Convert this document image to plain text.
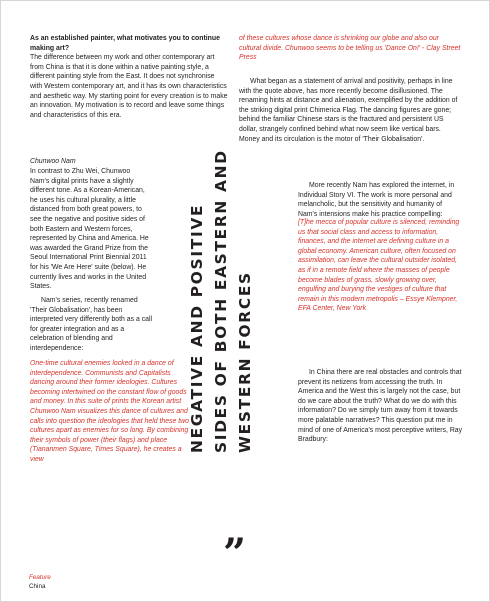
As an established painter, what motivates you to continue making art?

The difference between my work and other contemporary art from China is that it is done within a native painting style, a different painting style from the East. It does not synchronise with Western contemporary art, and it has its own characteristics and aesthetic way. My starting point for every creation is to make an innovation. My motivation is to record and leave some things and characteristics of this era.

Chunwoo Nam
In contrast to Zhu Wei, Chunwoo Nam's digital prints have a slightly different tone. As a Korean-American, he uses his cultural plurality, a little distanced from both great powers, to see the negative and positive sides of both Eastern and Western forces, represented by China and America. He was awarded the Grand Prize from the Seoul International Print Biennial 2011 for his 'We Are Here' suite (below). He currently lives and works in the United States.
Nam's series, recently renamed 'Their Globalisation', has been interpreted very differently both as a call for greater integration and as a celebration of blending and interdependence:
One-time cultural enemies locked in a dance of interdependence. Communists and Capitalists dancing around their former ideologies. Cultures becoming intertwined on the constant flow of goods and money. In this suite of prints the Korean artist Chunwoo Nam visualizes this dance of cultures and calls into question the ideologies that held these two cultures apart as enemies for so long. By combining their symbols of power (their flags) and place (Tiananmen Square, Times Square), he creates a view
NEGATIVE AND POSITIVE SIDES OF BOTH EASTERN AND WESTERN FORCES
”
of these cultures whose dance is shrinking our globe and also our cultural divide. Chunwoo seems to be telling us 'Dance On!' - Clay Street Press
What began as a statement of arrival and positivity, perhaps in line with the quote above, has more recently become disillusioned. The renaming hints at distance and alienation, exemplified by the addition of the striking digital print Chimerica Flag. The dancing figures are gone; behind the familiar Chinese stars is the fractured and persistent US dollar, strangely confined behind what now seem like vertical bars. Money and its circulation is the motor of 'Their Globalisation'.
More recently Nam has explored the internet, in Individual Story VI. The work is more personal and melancholic, but the sensitivity and humanity of Nam's intensions make his practice compelling:
[T]he mecca of popular culture is silenced, reminding us that social class and access to information, finances, and the internet are defining culture in a global economy. American culture, often focused on assimilation, can leave the cultural outsider isolated, as if in a remote field where the masses of people become blades of grass, slowly growing over, engulfing and burying the vestiges of culture that remain in this modern metropolis – Essye Klempner, EFA Center, New York
In China there are real obstacles and controls that prevent its netizens from accessing the truth. In America and the West this is largely not the case, but do we care about the truth? What do we do with this information? Do we simply turn away from it towards more palatable narratives? This question put me in mind of one of America's most perceptive writers, Ray Bradbury:
Feature
China
